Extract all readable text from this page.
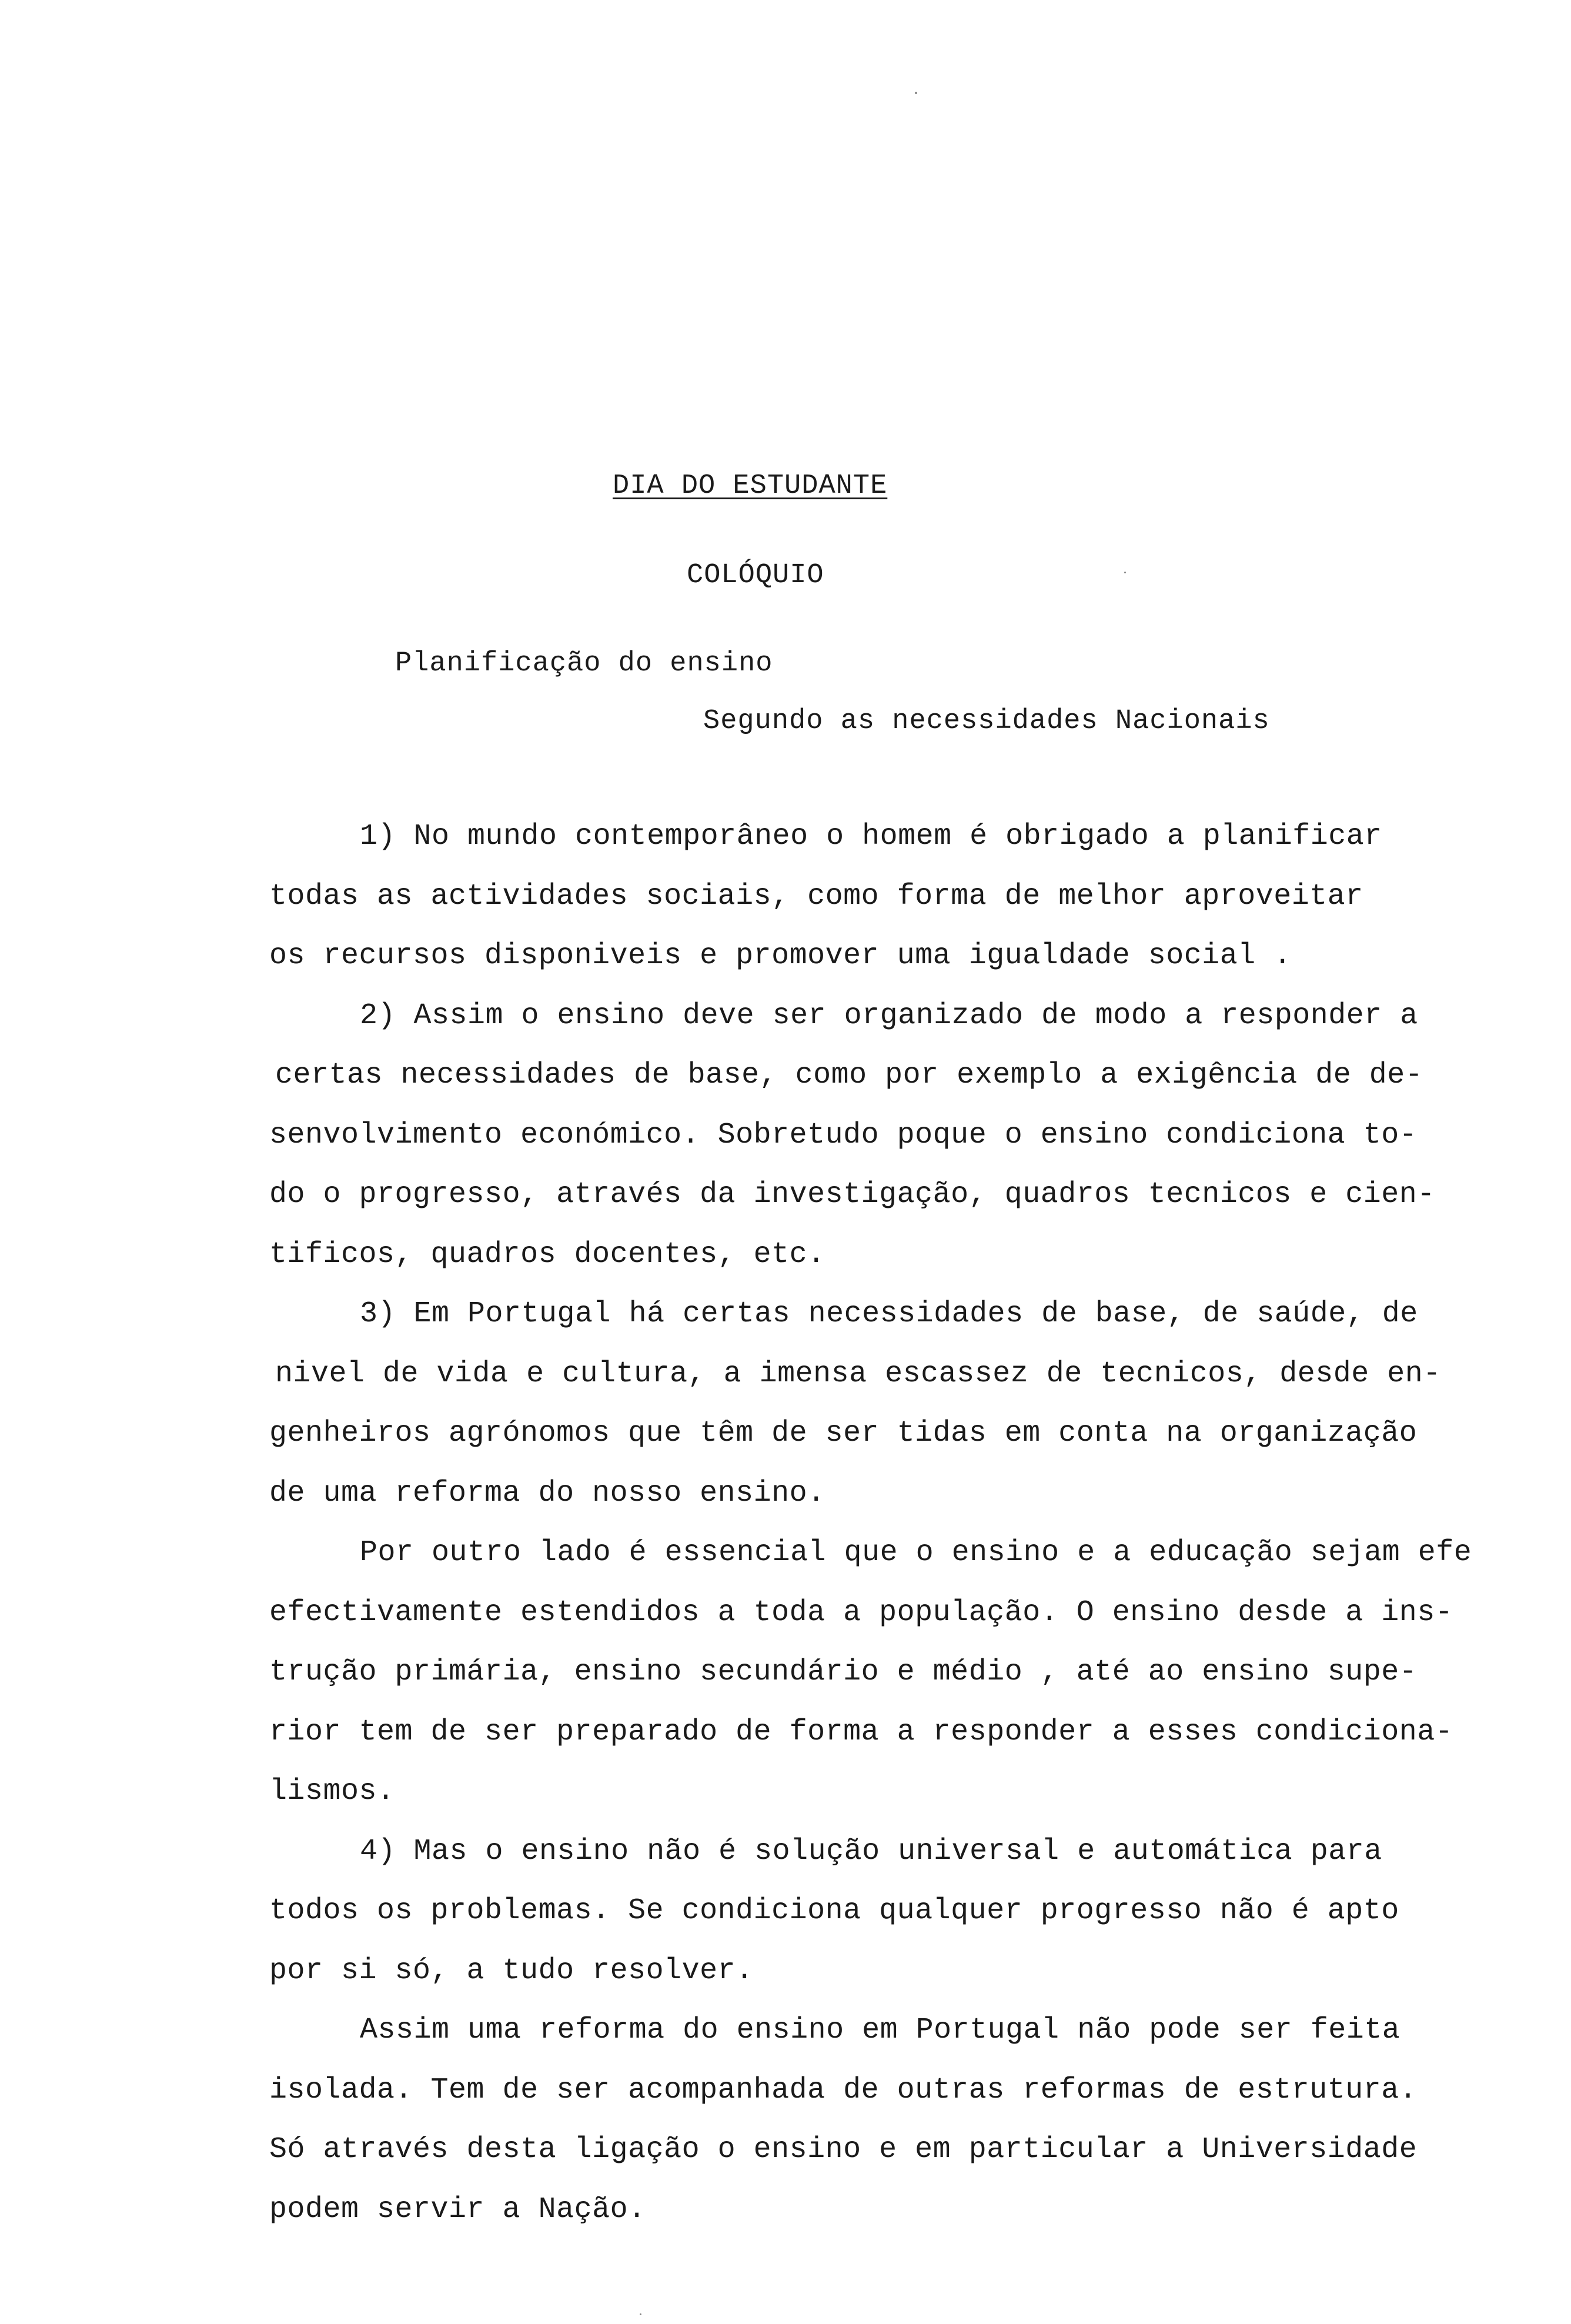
DIA DO ESTUDANTE
COLÓQUIO
Planificação do ensino
Segundo as necessidades Nacionais
1) No mundo contemporâneo o homem é obrigado a planificar
todas as actividades sociais, como forma de melhor aproveitar
os recursos disponiveis e promover uma igualdade social .
2) Assim o ensino deve ser organizado de modo a responder a
certas necessidades de base, como por exemplo a exigência de de-
senvolvimento económico. Sobretudo poque o ensino condiciona to-
do o progresso, através da investigação, quadros tecnicos e cien-
tificos, quadros docentes, etc.
3) Em Portugal há certas necessidades de base, de saúde, de
nivel de vida e cultura, a imensa escassez de tecnicos, desde en-
genheiros agrónomos que têm de ser tidas em conta na organização
de uma reforma do nosso ensino.
Por outro lado é essencial que o ensino e a educação sejam efe
efectivamente estendidos a toda a população. O ensino desde a ins-
trução primária, ensino secundário e médio , até ao ensino supe-
rior tem de ser preparado de forma a responder a esses condiciona-
lismos.
4) Mas o ensino não é solução universal e automática para
todos os problemas. Se condiciona qualquer progresso não é apto
por si só, a tudo resolver.
Assim uma reforma do ensino em Portugal não pode ser feita
isolada. Tem de ser acompanhada de outras reformas de estrutura.
Só através desta ligação o ensino e em particular a Universidade
podem servir a Nação.
